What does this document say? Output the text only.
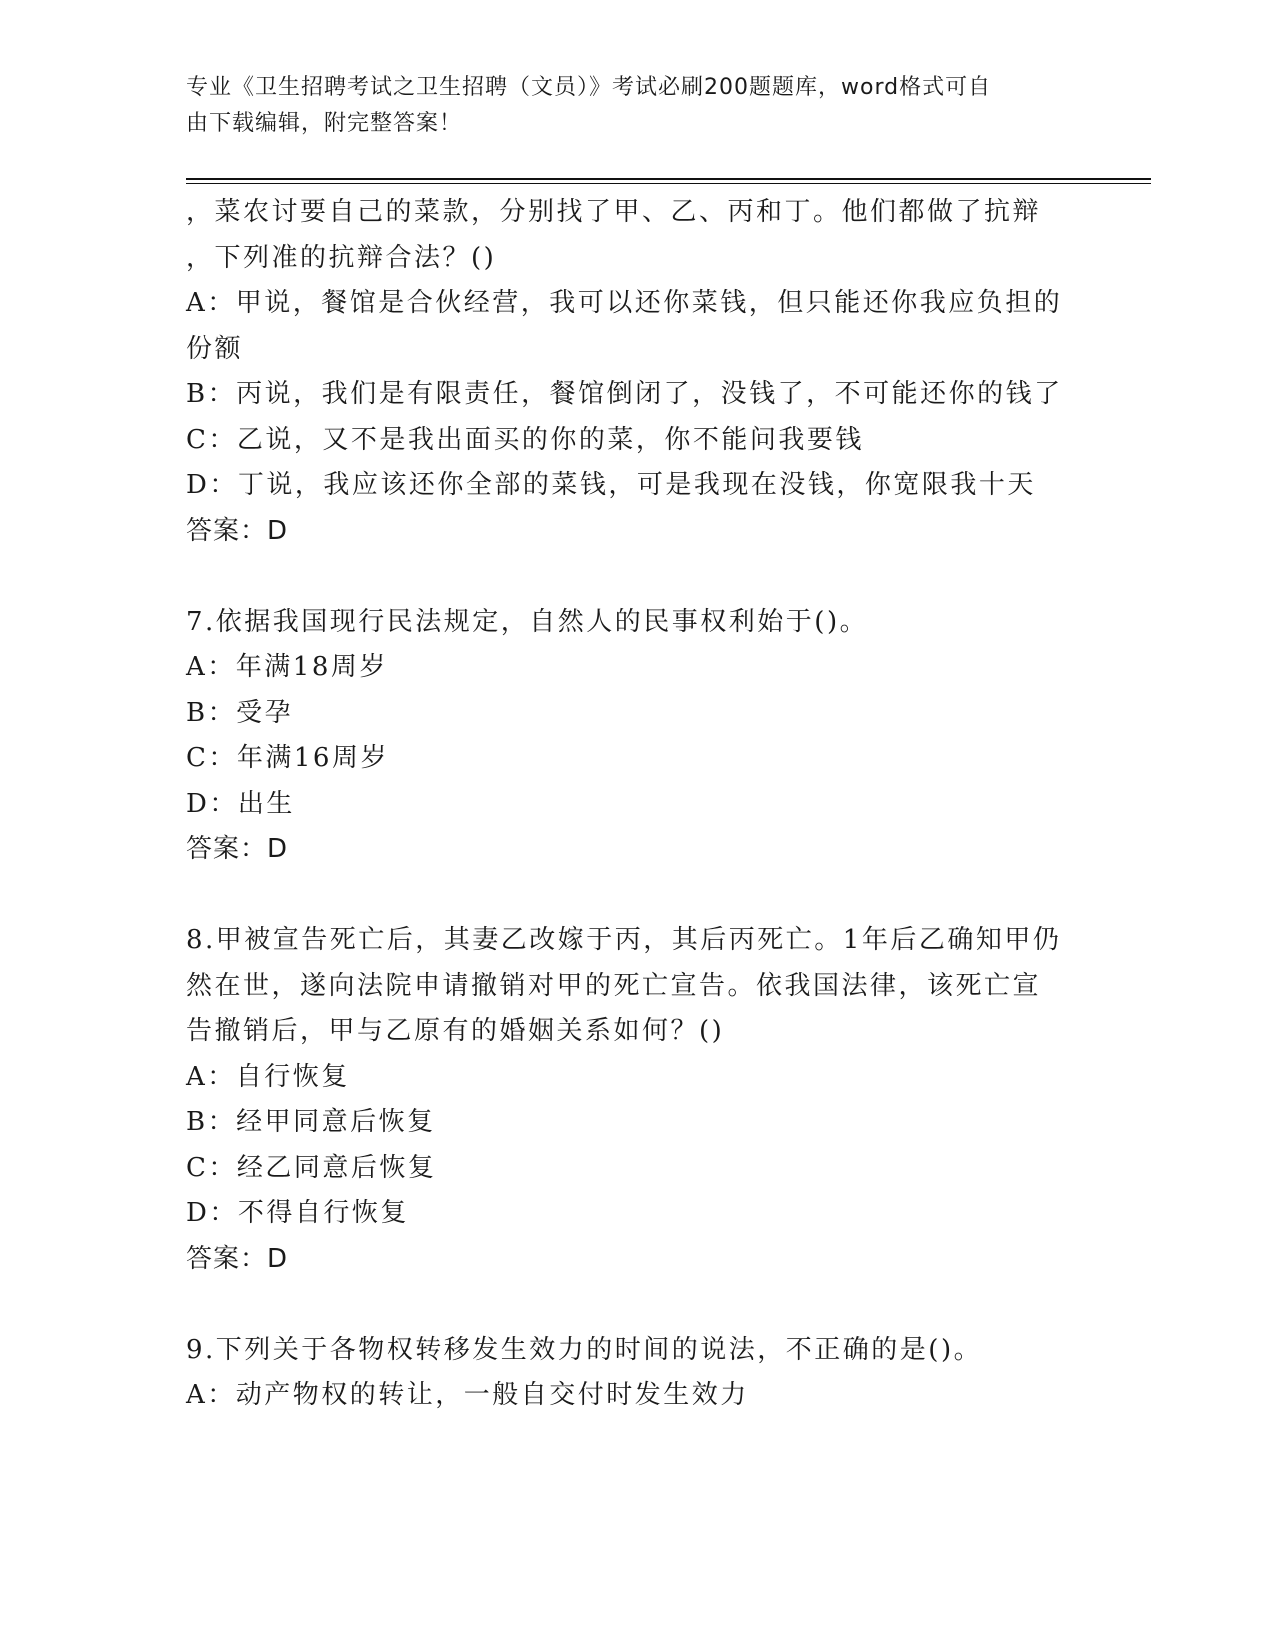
专业《卫生招聘考试之卫生招聘（文员）》考试必刷200题题库，word格式可自
由下载编辑，附完整答案！
，菜农讨要自己的菜款，分别找了甲、乙、丙和丁。他们都做了抗辩
，下列准的抗辩合法？()
A：甲说，餐馆是合伙经营，我可以还你菜钱，但只能还你我应负担的
份额
B：丙说，我们是有限责任，餐馆倒闭了，没钱了，不可能还你的钱了
C：乙说，又不是我出面买的你的菜，你不能问我要钱
D：丁说，我应该还你全部的菜钱，可是我现在没钱，你宽限我十天
答案：D
7.依据我国现行民法规定，自然人的民事权利始于()。
A：年满18周岁
B：受孕
C：年满16周岁
D：出生
答案：D
8.甲被宣告死亡后，其妻乙改嫁于丙，其后丙死亡。1年后乙确知甲仍
然在世，遂向法院申请撤销对甲的死亡宣告。依我国法律，该死亡宣
告撤销后，甲与乙原有的婚姻关系如何？()
A：自行恢复
B：经甲同意后恢复
C：经乙同意后恢复
D：不得自行恢复
答案：D
9.下列关于各物权转移发生效力的时间的说法，不正确的是()。
A：动产物权的转让，一般自交付时发生效力
